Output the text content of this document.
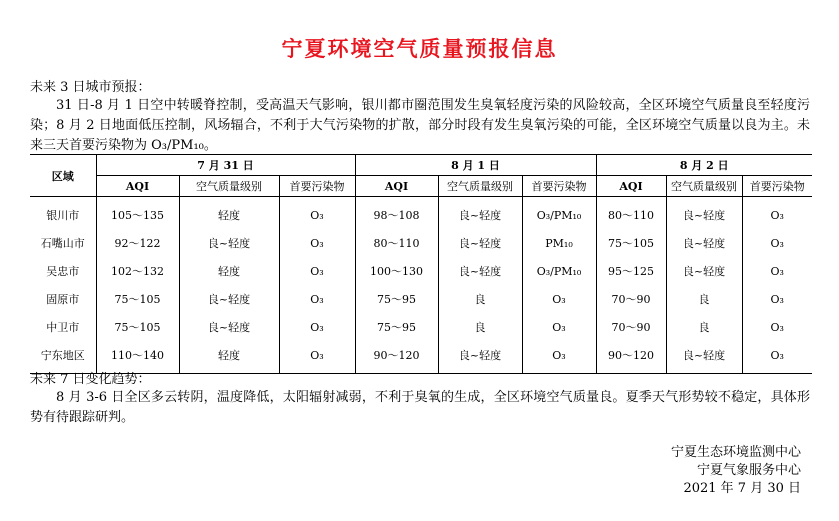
宁夏环境空气质量预报信息
未来 3 日城市预报：
31 日-8 月 1 日空中转暖脊控制，受高温天气影响，银川都市圈范围发生臭氧轻度污染的风险较高，全区环境空气质量良至轻度污染；8 月 2 日地面低压控制，风场辐合，不利于大气污染物的扩散，部分时段有发生臭氧污染的可能，全区环境空气质量以良为主。未来三天首要污染物为 O₃/PM₁₀。
区域	7 月 31 日			8 月 1 日			8 月 2 日		
	AQI	空气质量级别	首要污染物	AQI	空气质量级别	首要污染物	AQI	空气质量级别	首要污染物
银川市	105～135	轻度	O₃	98～108	良~轻度	O₃/PM₁₀	80～110	良~轻度	O₃
石嘴山市	92～122	良~轻度	O₃	80～110	良~轻度	PM₁₀	75～105	良~轻度	O₃
吴忠市	102～132	轻度	O₃	100～130	良~轻度	O₃/PM₁₀	95～125	良~轻度	O₃
固原市	75～105	良~轻度	O₃	75～95	良	O₃	70～90	良	O₃
中卫市	75～105	良~轻度	O₃	75～95	良	O₃	70～90	良	O₃
宁东地区	110～140	轻度	O₃	90～120	良~轻度	O₃	90～120	良~轻度	O₃
未来 7 日变化趋势：
8 月 3-6 日全区多云转阴，温度降低，太阳辐射减弱，不利于臭氧的生成，全区环境空气质量良。夏季天气形势较不稳定，具体形势有待跟踪研判。
宁夏生态环境监测中心
宁夏气象服务中心
2021 年 7 月 30 日
